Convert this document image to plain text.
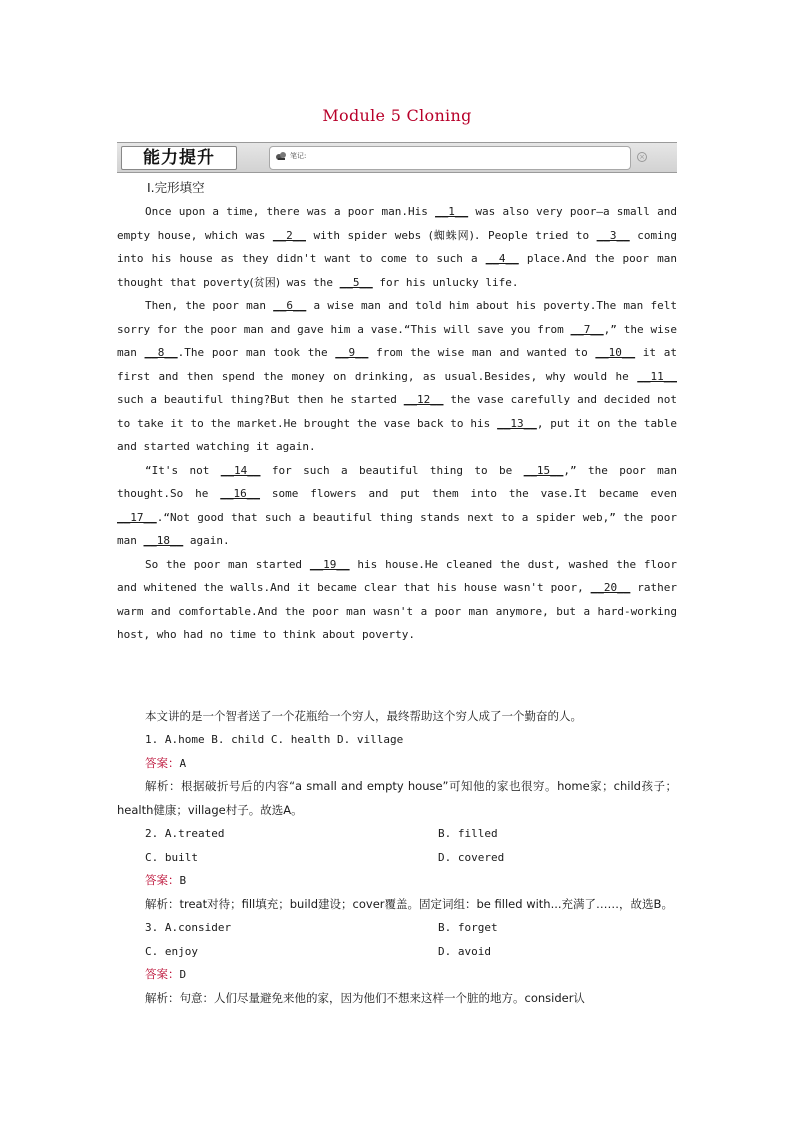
Module 5 Cloning
能力提升	笔记:	×
Ⅰ.完形填空

Once upon a time, there was a poor man.His __1__ was also very poor—a small and empty house, which was __2__ with spider webs (蜘蛛网). People tried to __3__ coming into his house as they didn't want to come to such a __4__ place.And the poor man thought that poverty(贫困) was the __5__ for his unlucky life.

Then, the poor man __6__ a wise man and told him about his poverty.The man felt sorry for the poor man and gave him a vase.“This will save you from __7__,” the wise man __8__.The poor man took the __9__ from the wise man and wanted to __10__ it at first and then spend the money on drinking, as usual.Besides, why would he __11__ such a beautiful thing?But then he started __12__ the vase carefully and decided not to take it to the market.He brought the vase back to his __13__, put it on the table and started watching it again.

“It's not __14__ for such a beautiful thing to be __15__,” the poor man thought.So he __16__ some flowers and put them into the vase.It became even __17__.“Not good that such a beautiful thing stands next to a spider web,” the poor man __18__ again.

So the poor man started __19__ his house.He cleaned the dust, washed the floor and whitened the walls.And it became clear that his house wasn't poor, __20__ rather warm and comfortable.And the poor man wasn't a poor man anymore, but a hard-working host, who had no time to think about poverty.

本文讲的是一个智者送了一个花瓶给一个穷人，最终帮助这个穷人成了一个勤奋的人。
1. A.home B. child C. health D. village
答案：A
解析：根据破折号后的内容“a small and empty house”可知他的家也很穷。home家；child孩子；health健康；village村子。故选A。
2. A.treated	B. filled
C. built	D. covered
答案：B
解析：treat对待；fill填充；build建设；cover覆盖。固定词组：be filled with...充满了……，故选B。
3. A.consider	B. forget
C. enjoy	D. avoid
答案：D
解析：句意：人们尽量避免来他的家，因为他们不想来这样一个脏的地方。consider认
